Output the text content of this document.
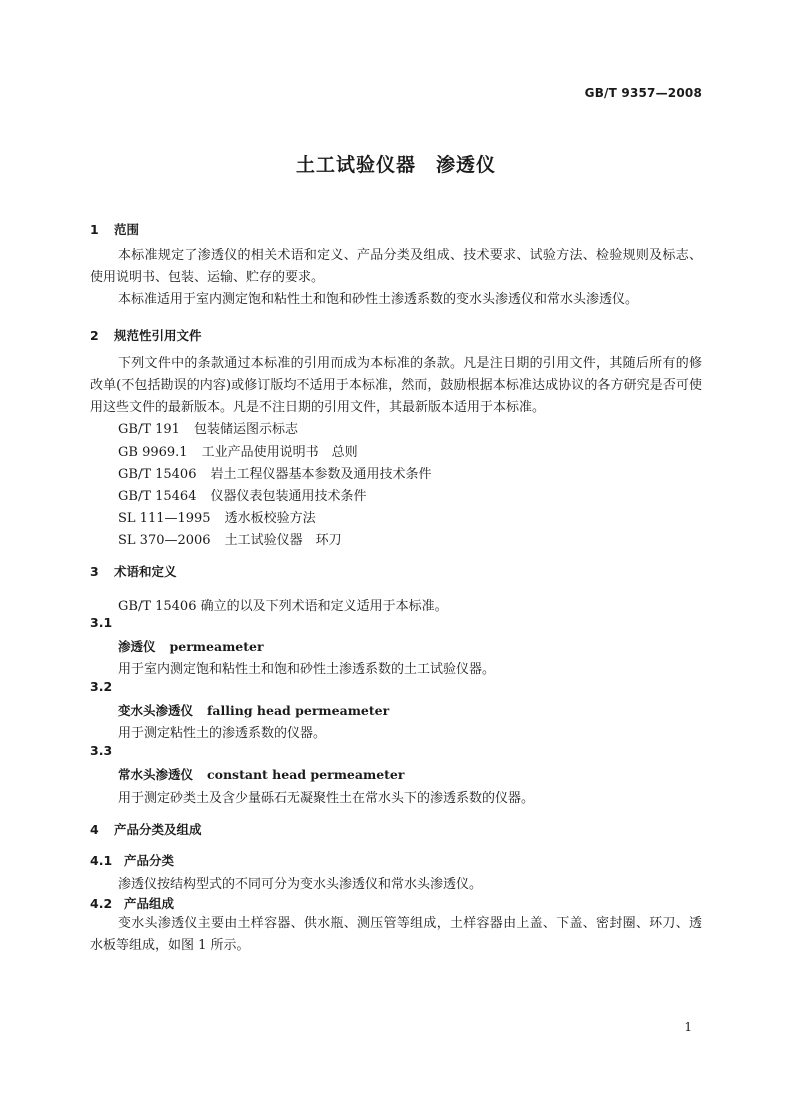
GB/T 9357—2008
土工试验仪器　渗透仪
1 范围
本标准规定了渗透仪的相关术语和定义、产品分类及组成、技术要求、试验方法、检验规则及标志、使用说明书、包装、运输、贮存的要求。
本标准适用于室内测定饱和粘性土和饱和砂性土渗透系数的变水头渗透仪和常水头渗透仪。
2 规范性引用文件
下列文件中的条款通过本标准的引用而成为本标准的条款。凡是注日期的引用文件，其随后所有的修改单(不包括勘误的内容)或修订版均不适用于本标准，然而，鼓励根据本标准达成协议的各方研究是否可使用这些文件的最新版本。凡是不注日期的引用文件，其最新版本适用于本标准。
GB/T 191 包装储运图示标志
GB 9969.1 工业产品使用说明书　总则
GB/T 15406 岩土工程仪器基本参数及通用技术条件
GB/T 15464 仪器仪表包装通用技术条件
SL 111—1995 透水板校验方法
SL 370—2006 土工试验仪器　环刀
3 术语和定义
GB/T 15406 确立的以及下列术语和定义适用于本标准。
3.1
渗透仪 permeameter
用于室内测定饱和粘性土和饱和砂性土渗透系数的土工试验仪器。
3.2
变水头渗透仪 falling head permeameter
用于测定粘性土的渗透系数的仪器。
3.3
常水头渗透仪 constant head permeameter
用于测定砂类土及含少量砾石无凝聚性土在常水头下的渗透系数的仪器。
4 产品分类及组成
4.1 产品分类
渗透仪按结构型式的不同可分为变水头渗透仪和常水头渗透仪。
4.2 产品组成
变水头渗透仪主要由土样容器、供水瓶、测压管等组成，土样容器由上盖、下盖、密封圈、环刀、透水板等组成，如图 1 所示。
1
